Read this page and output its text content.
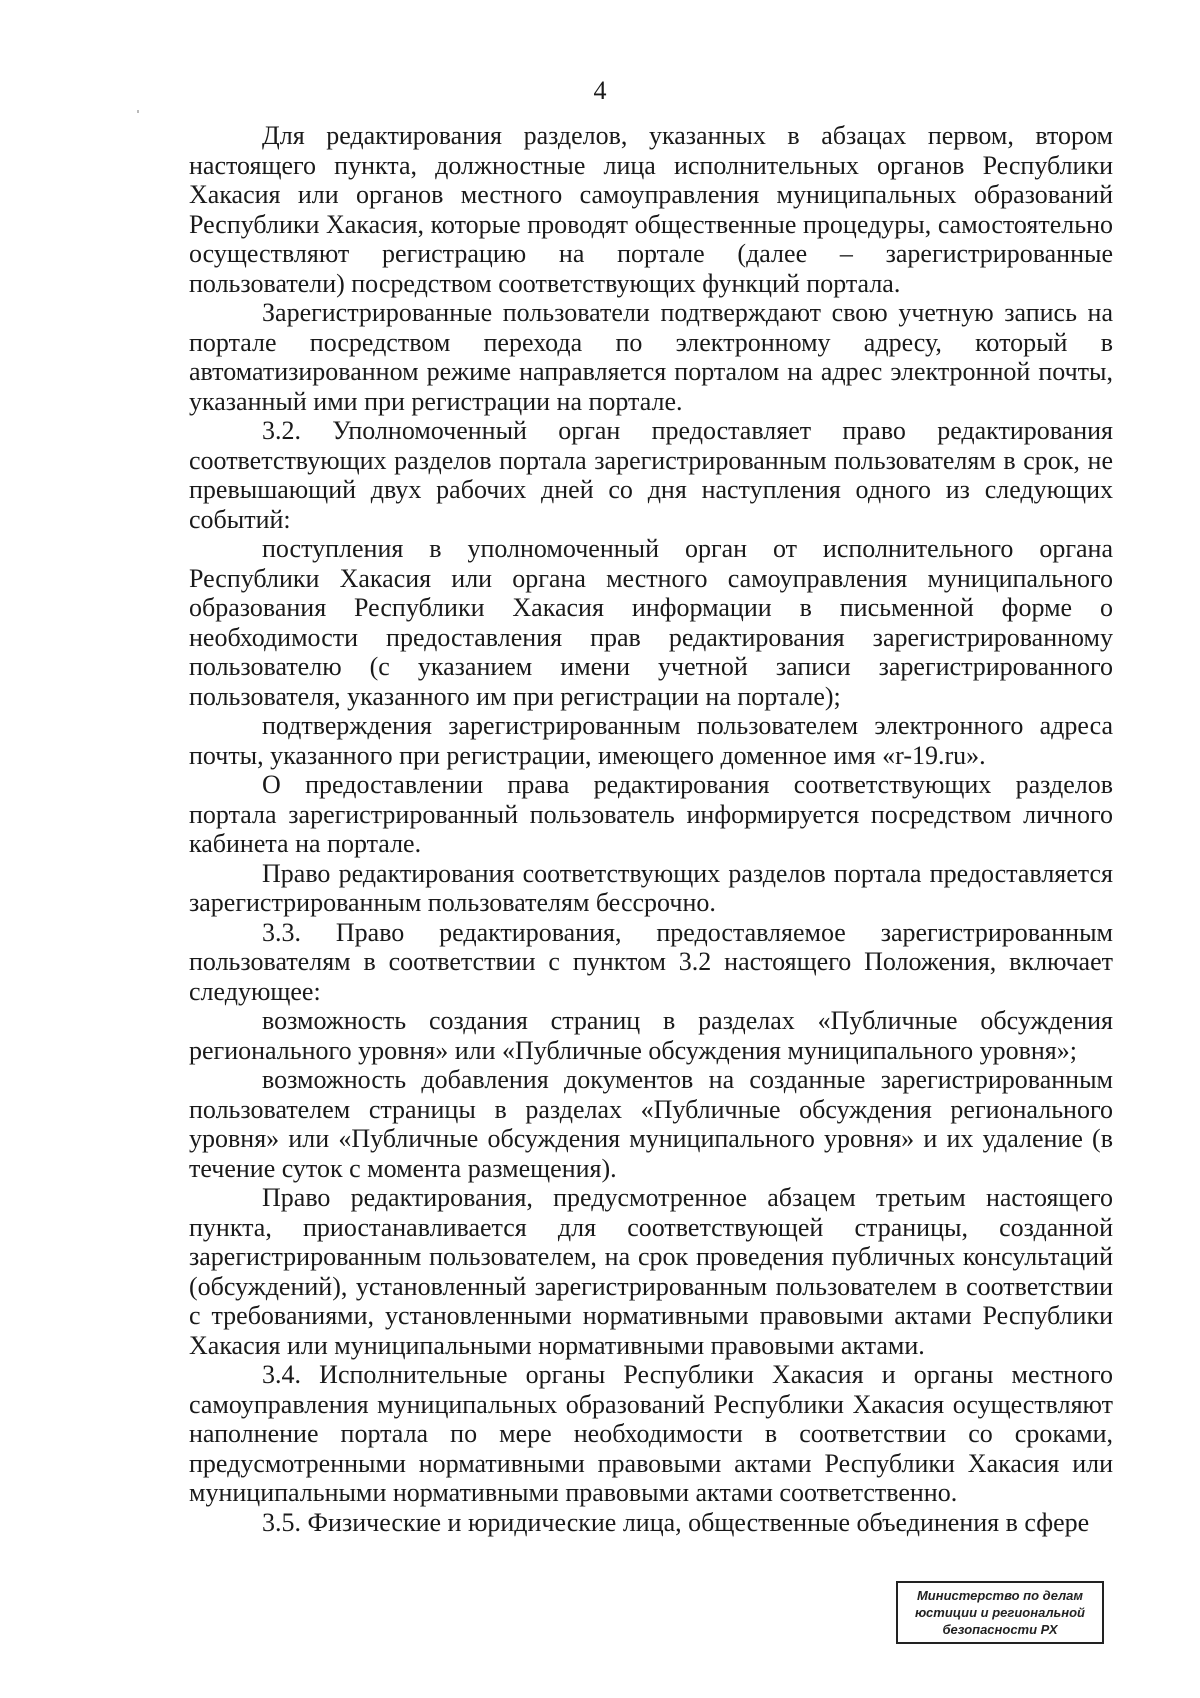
4

Для редактирования разделов, указанных в абзацах первом, втором настоящего пункта, должностные лица исполнительных органов Республики Хакасия или органов местного самоуправления муниципальных образований Республики Хакасия, которые проводят общественные процедуры, самостоятельно осуществляют регистрацию на портале (далее – зарегистрированные пользователи) посредством соответствующих функций портала.

Зарегистрированные пользователи подтверждают свою учетную запись на портале посредством перехода по электронному адресу, который в автоматизированном режиме направляется порталом на адрес электронной почты, указанный ими при регистрации на портале.

3.2. Уполномоченный орган предоставляет право редактирования соответствующих разделов портала зарегистрированным пользователям в срок, не превышающий двух рабочих дней со дня наступления одного из следующих событий:

поступления в уполномоченный орган от исполнительного органа Республики Хакасия или органа местного самоуправления муниципального образования Республики Хакасия информации в письменной форме о необходимости предоставления прав редактирования зарегистрированному пользователю (с указанием имени учетной записи зарегистрированного пользователя, указанного им при регистрации на портале);

подтверждения зарегистрированным пользователем электронного адреса почты, указанного при регистрации, имеющего доменное имя «r-19.ru».

О предоставлении права редактирования соответствующих разделов портала зарегистрированный пользователь информируется посредством личного кабинета на портале.

Право редактирования соответствующих разделов портала предоставляется зарегистрированным пользователям бессрочно.

3.3. Право редактирования, предоставляемое зарегистрированным пользователям в соответствии с пунктом 3.2 настоящего Положения, включает следующее:

возможность создания страниц в разделах «Публичные обсуждения регионального уровня» или «Публичные обсуждения муниципального уровня»;

возможность добавления документов на созданные зарегистрированным пользователем страницы в разделах «Публичные обсуждения регионального уровня» или «Публичные обсуждения муниципального уровня» и их удаление (в течение суток с момента размещения).

Право редактирования, предусмотренное абзацем третьим настоящего пункта, приостанавливается для соответствующей страницы, созданной зарегистрированным пользователем, на срок проведения публичных консультаций (обсуждений), установленный зарегистрированным пользователем в соответствии с требованиями, установленными нормативными правовыми актами Республики Хакасия или муниципальными нормативными правовыми актами.

3.4. Исполнительные органы Республики Хакасия и органы местного самоуправления муниципальных образований Республики Хакасия осуществляют наполнение портала по мере необходимости в соответствии со сроками, предусмотренными нормативными правовыми актами Республики Хакасия или муниципальными нормативными правовыми актами соответственно.

3.5. Физические и юридические лица, общественные объединения в сфере

Министерство по делам
юстиции и региональной
безопасности РХ
